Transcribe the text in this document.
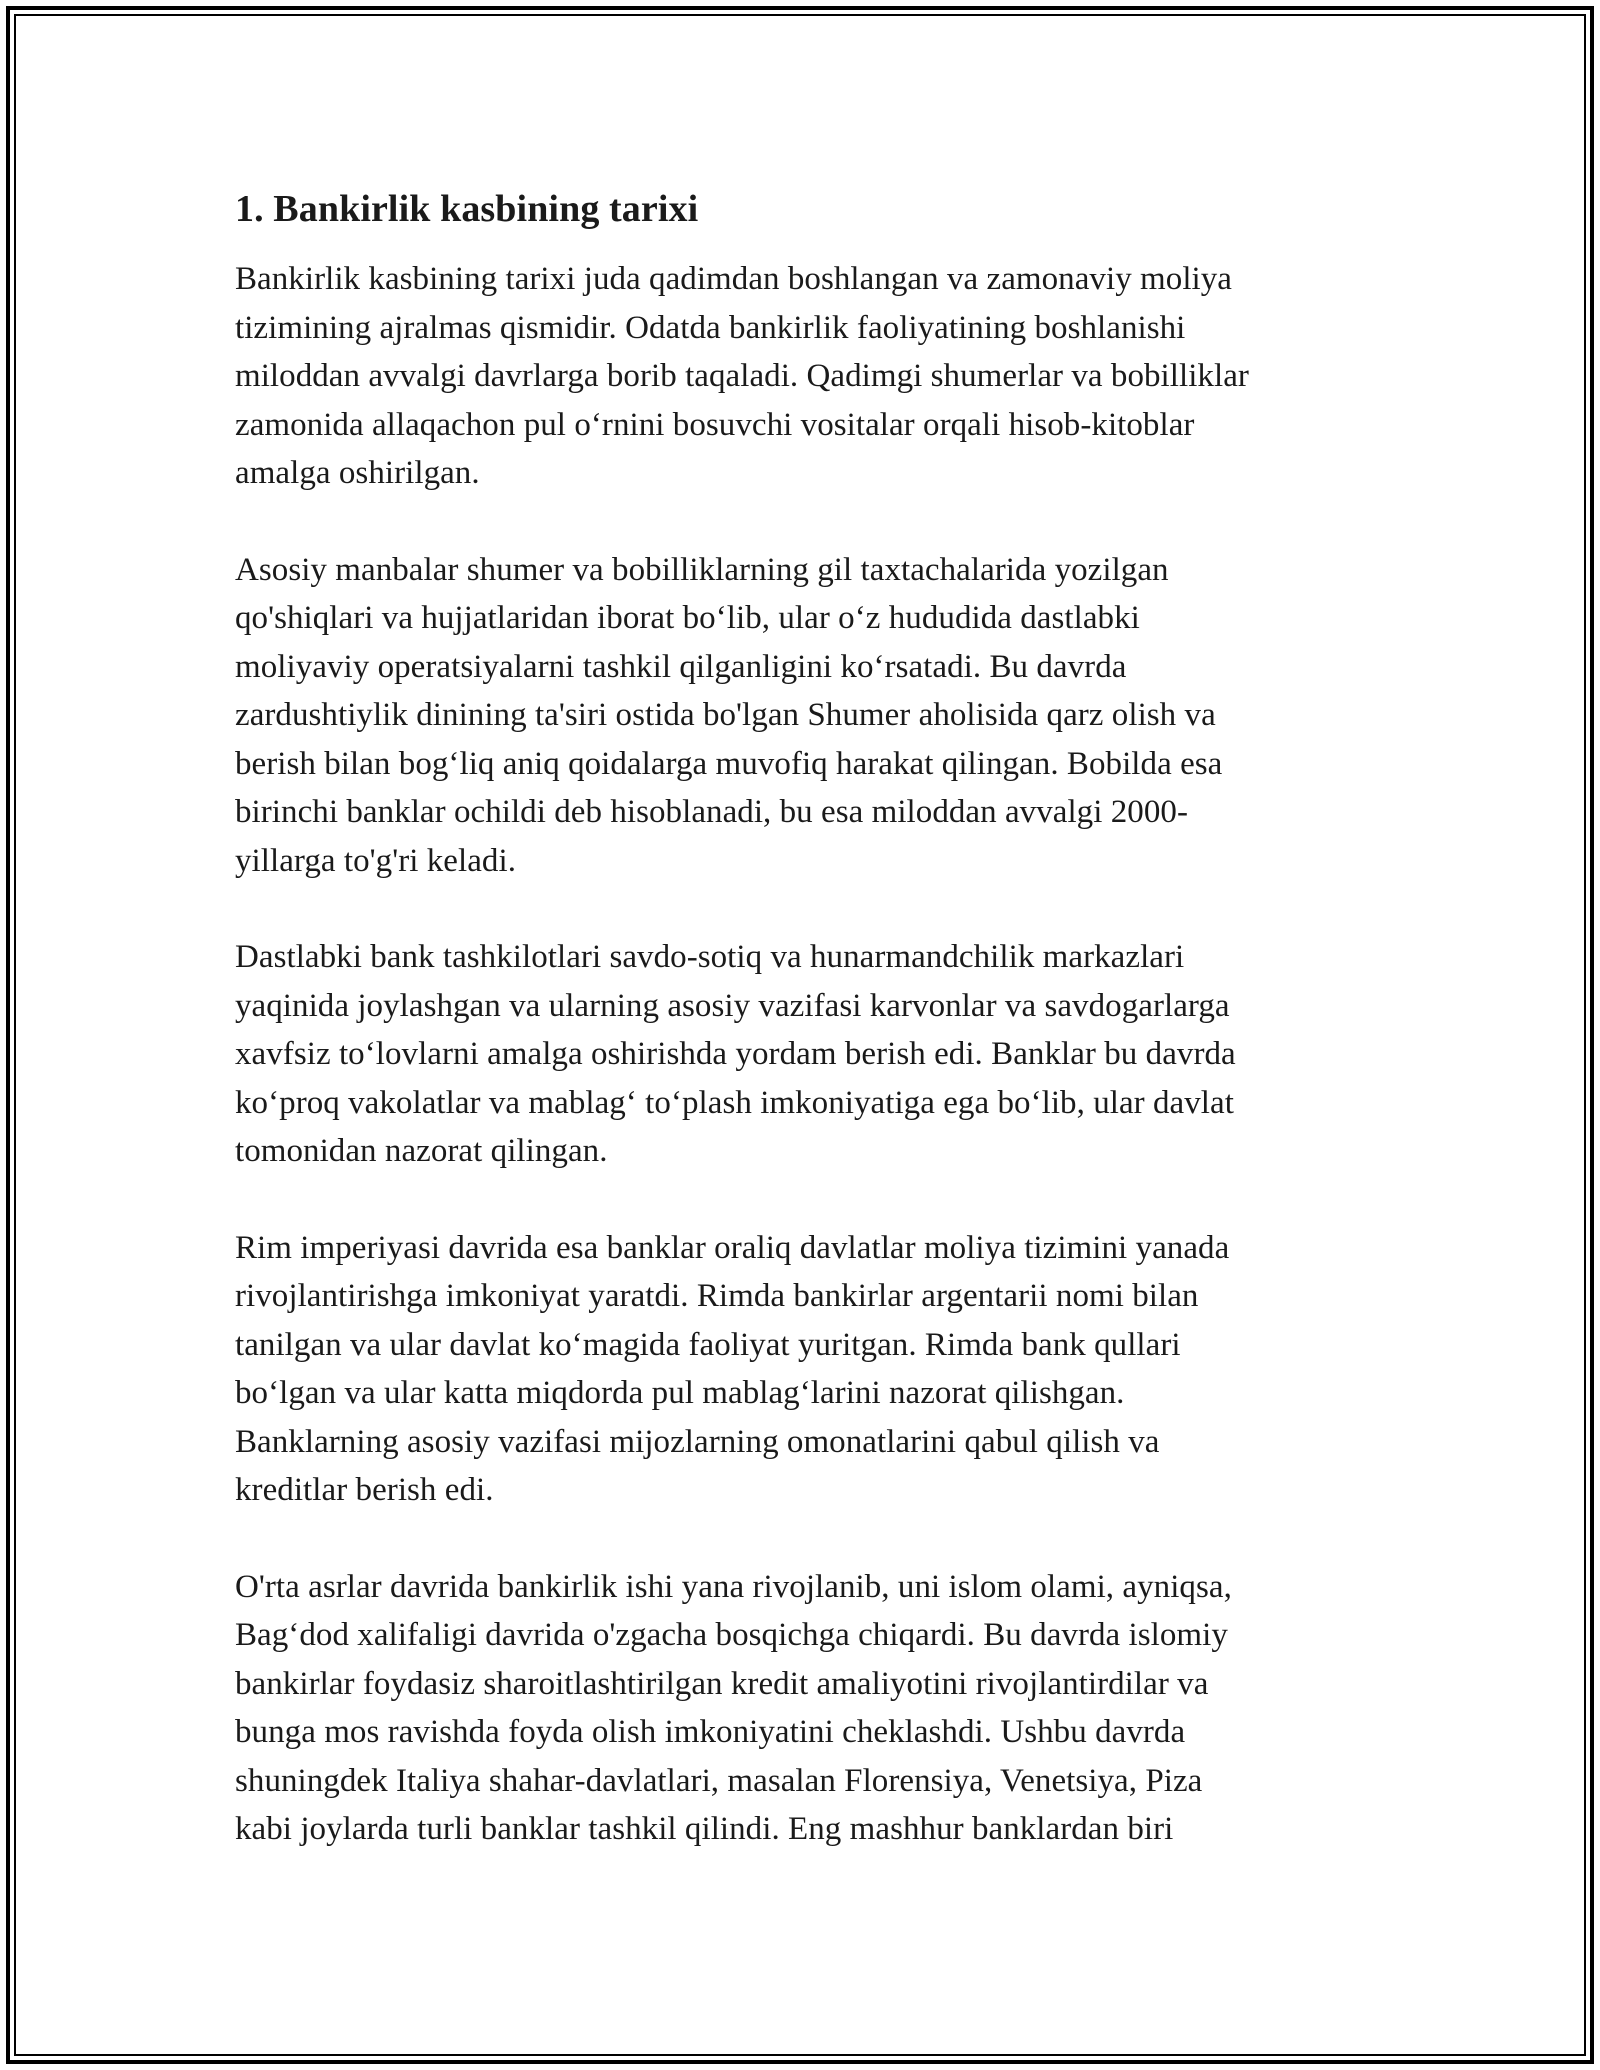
1. Bankirlik kasbining tarixi

Bankirlik kasbining tarixi juda qadimdan boshlangan va zamonaviy moliya
tizimining ajralmas qismidir. Odatda bankirlik faoliyatining boshlanishi
miloddan avvalgi davrlarga borib taqaladi. Qadimgi shumerlar va bobilliklar
zamonida allaqachon pul o‘rnini bosuvchi vositalar orqali hisob-kitoblar
amalga oshirilgan.

Asosiy manbalar shumer va bobilliklarning gil taxtachalarida yozilgan
qo'shiqlari va hujjatlaridan iborat bo‘lib, ular o‘z hududida dastlabki
moliyaviy operatsiyalarni tashkil qilganligini ko‘rsatadi. Bu davrda
zardushtiylik dinining ta'siri ostida bo'lgan Shumer aholisida qarz olish va
berish bilan bog‘liq aniq qoidalarga muvofiq harakat qilingan. Bobilda esa
birinchi banklar ochildi deb hisoblanadi, bu esa miloddan avvalgi 2000-
yillarga to'g'ri keladi.

Dastlabki bank tashkilotlari savdo-sotiq va hunarmandchilik markazlari
yaqinida joylashgan va ularning asosiy vazifasi karvonlar va savdogarlarga
xavfsiz to‘lovlarni amalga oshirishda yordam berish edi. Banklar bu davrda
ko‘proq vakolatlar va mablag‘ to‘plash imkoniyatiga ega bo‘lib, ular davlat
tomonidan nazorat qilingan.

Rim imperiyasi davrida esa banklar oraliq davlatlar moliya tizimini yanada
rivojlantirishga imkoniyat yaratdi. Rimda bankirlar argentarii nomi bilan
tanilgan va ular davlat ko‘magida faoliyat yuritgan. Rimda bank qullari
bo‘lgan va ular katta miqdorda pul mablag‘larini nazorat qilishgan.
Banklarning asosiy vazifasi mijozlarning omonatlarini qabul qilish va
kreditlar berish edi.

O'rta asrlar davrida bankirlik ishi yana rivojlanib, uni islom olami, ayniqsa,
Bag‘dod xalifaligi davrida o'zgacha bosqichga chiqardi. Bu davrda islomiy
bankirlar foydasiz sharoitlashtirilgan kredit amaliyotini rivojlantirdilar va
bunga mos ravishda foyda olish imkoniyatini cheklashdi. Ushbu davrda
shuningdek Italiya shahar-davlatlari, masalan Florensiya, Venetsiya, Piza
kabi joylarda turli banklar tashkil qilindi. Eng mashhur banklardan biri
